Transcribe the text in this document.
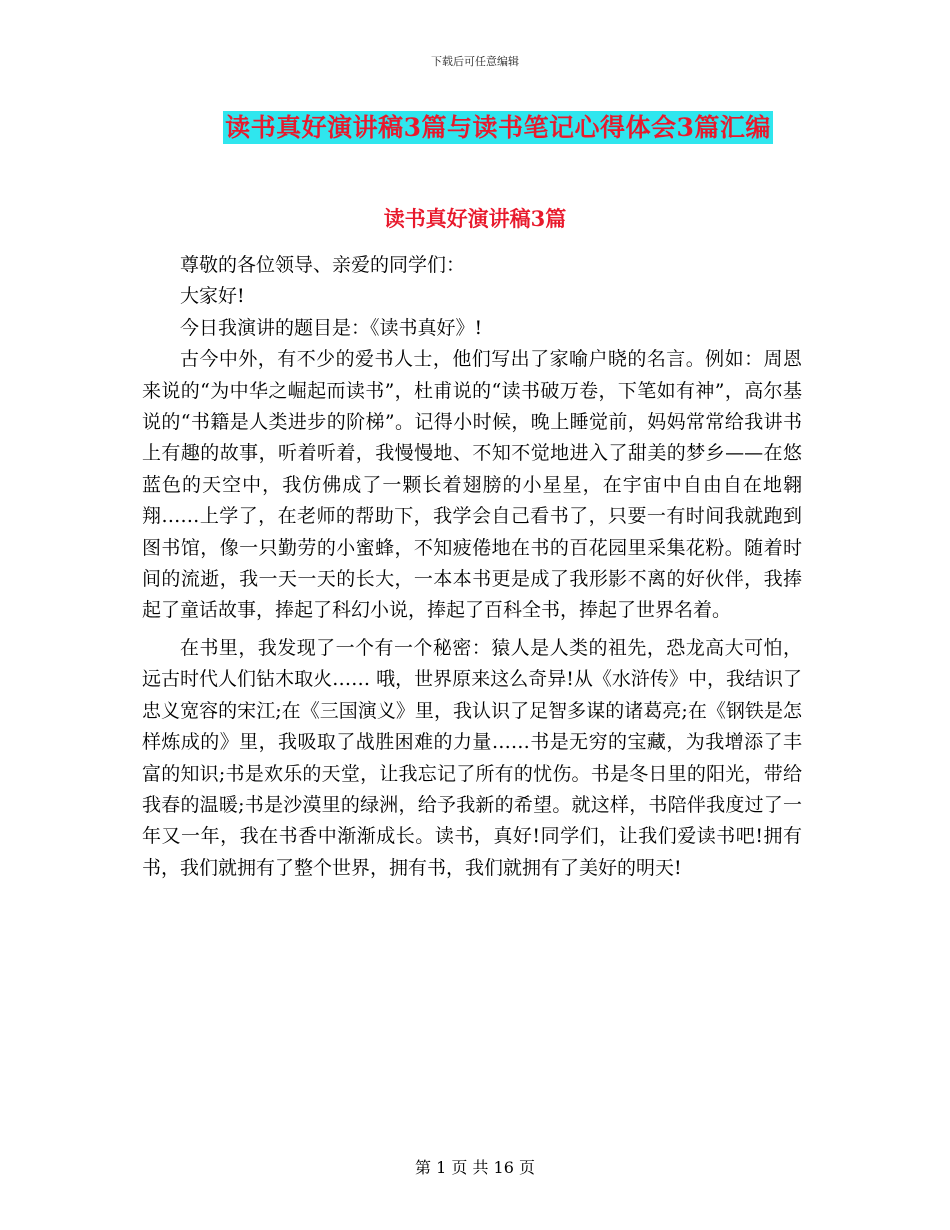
下载后可任意编辑
读书真好演讲稿3篇与读书笔记心得体会3篇汇编
读书真好演讲稿3篇

尊敬的各位领导、亲爱的同学们：

大家好!

今日我演讲的题目是：《读书真好》!

古今中外，有不少的爱书人士，他们写出了家喻户晓的名言。例如：周恩来说的“为中华之崛起而读书”，杜甫说的“读书破万卷，下笔如有神”，高尔基说的“书籍是人类进步的阶梯”。记得小时候，晚上睡觉前，妈妈常常给我讲书上有趣的故事，听着听着，我慢慢地、不知不觉地进入了甜美的梦乡——在悠蓝色的天空中，我仿佛成了一颗长着翅膀的小星星，在宇宙中自由自在地翱翔……上学了，在老师的帮助下，我学会自己看书了，只要一有时间我就跑到图书馆，像一只勤劳的小蜜蜂，不知疲倦地在书的百花园里采集花粉。随着时间的流逝，我一天一天的长大，一本本书更是成了我形影不离的好伙伴，我捧起了童话故事，捧起了科幻小说，捧起了百科全书，捧起了世界名着。

在书里，我发现了一个有一个秘密：猿人是人类的祖先，恐龙高大可怕，远古时代人们钻木取火…… 哦，世界原来这么奇异!从《水浒传》中，我结识了忠义宽容的宋江;在《三国演义》里，我认识了足智多谋的诸葛亮;在《钢铁是怎样炼成的》里，我吸取了战胜困难的力量……书是无穷的宝藏，为我增添了丰富的知识;书是欢乐的天堂，让我忘记了所有的忧伤。书是冬日里的阳光，带给我春的温暖;书是沙漠里的绿洲，给予我新的希望。就这样，书陪伴我度过了一年又一年，我在书香中渐渐成长。读书，真好!同学们，让我们爱读书吧!拥有书，我们就拥有了整个世界，拥有书，我们就拥有了美好的明天!

第 1 页 共 16 页
